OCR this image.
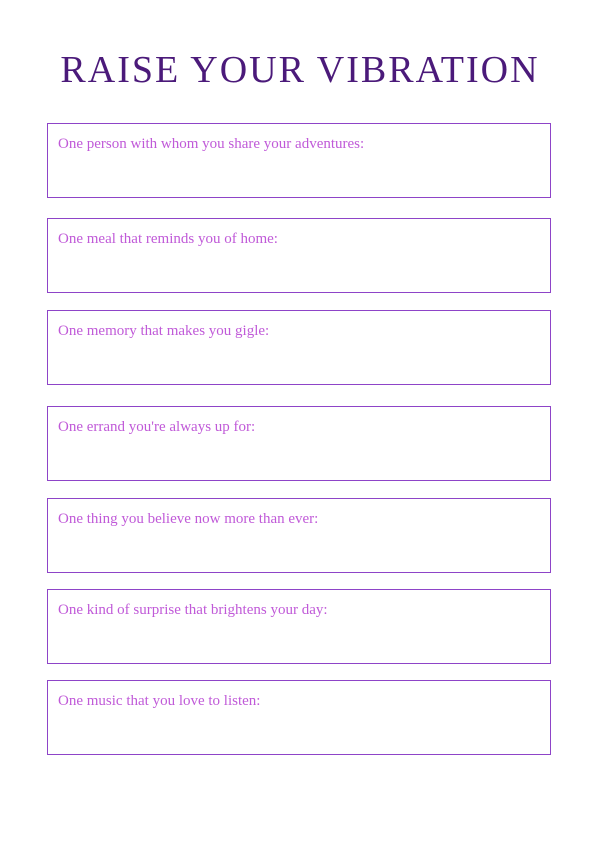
RAISE YOUR VIBRATION
One person with whom you share your adventures:
One meal that reminds you of home:
One memory that makes you gigle:
One errand you're always up for:
One thing you believe now more than ever:
One kind of surprise that brightens your day:
One music that you love to listen:
